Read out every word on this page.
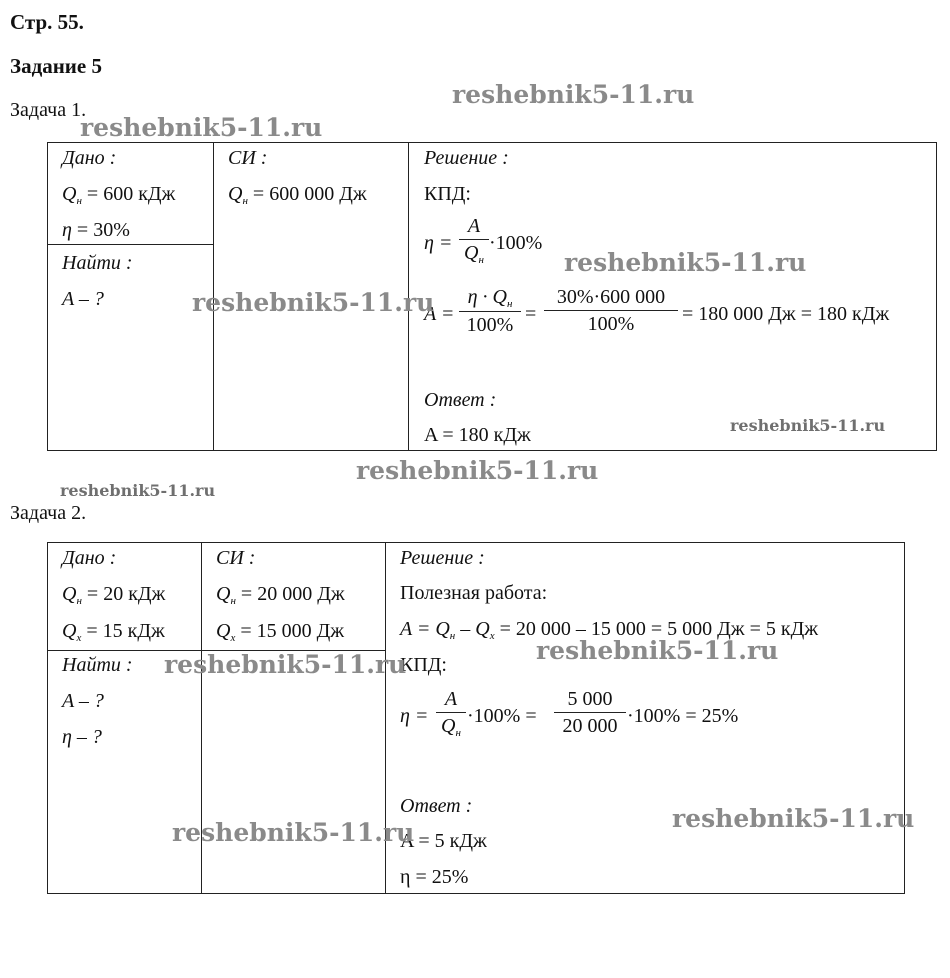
Стр. 55.
Задание 5
Задача 1.
Дано :
$Q_н = 600$ кДж
η = 30%
Найти :
A – ?
СИ :
$Q_н = 600$ 000 Дж
Решение :
КПД:
η =
A
$Q_н$
·100%
A =
$\eta \cdot Q_н$
$100\% = \frac{30\%\cdot 600 000}{100\%} = 180$ 000 Дж = 180 кДж
Ответ :
A = 180 кДж
Задача 2.
Дано :
$Q_н = 20$ кДж
$Q_х = 15$ кДж
Найти :
A – ?
η – ?
СИ :
$Q_н = 20$ 000 Дж
$Q_х = 15$ 000 Дж
Решение :
Полезная работа:
$A = Q_н - Q_х = 20$ 000 – 15 000 = 5 000 Дж = 5 кДж
КПД:
η =
A
$Q_н$
$\cdot 100\% = \frac{5 000}{20 000} \cdot 100\% = 25\%$
Ответ :
A = 5 кДж
η = 25%
reshebnik5-11.ru
reshebnik5-11.ru
reshebnik5-11.ru
reshebnik5-11.ru
reshebnik5-11.ru
reshebnik5-11.ru
reshebnik5-11.ru
reshebnik5-11.ru	reshebnik5-11.ru
reshebnik5-11.ru
reshebnik5-11.ru
